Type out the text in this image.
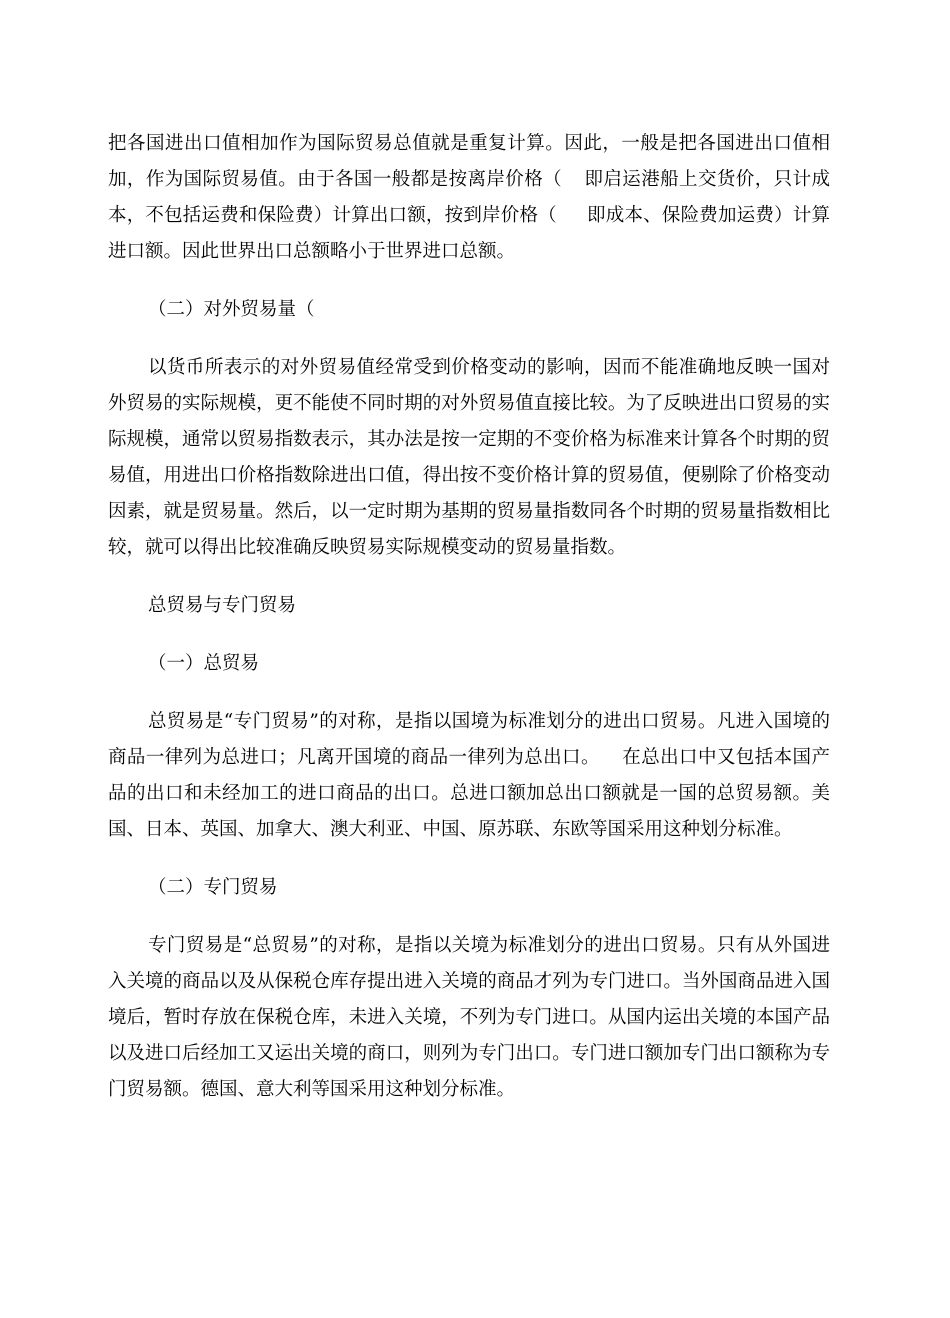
把各国进出口值相加作为国际贸易总值就是重复计算。因此，一般是把各国进出口值相加，作为国际贸易值。由于各国一般都是按离岸价格（ 即启运港船上交货价，只计成本，不包括运费和保险费）计算出口额，按到岸价格（ 即成本、保险费加运费）计算进口额。因此世界出口总额略小于世界进口总额。

（二）对外贸易量（

以货币所表示的对外贸易值经常受到价格变动的影响，因而不能准确地反映一国对外贸易的实际规模，更不能使不同时期的对外贸易值直接比较。为了反映进出口贸易的实际规模，通常以贸易指数表示，其办法是按一定期的不变价格为标准来计算各个时期的贸易值，用进出口价格指数除进出口值，得出按不变价格计算的贸易值，便剔除了价格变动因素，就是贸易量。然后，以一定时期为基期的贸易量指数同各个时期的贸易量指数相比较，就可以得出比较准确反映贸易实际规模变动的贸易量指数。

总贸易与专门贸易

（一）总贸易

总贸易是“专门贸易”的对称，是指以国境为标准划分的进出口贸易。凡进入国境的商品一律列为总进口；凡离开国境的商品一律列为总出口。 在总出口中又包括本国产品的出口和未经加工的进口商品的出口。总进口额加总出口额就是一国的总贸易额。美国、日本、英国、加拿大、澳大利亚、中国、原苏联、东欧等国采用这种划分标准。

（二）专门贸易

专门贸易是“总贸易”的对称，是指以关境为标准划分的进出口贸易。只有从外国进入关境的商品以及从保税仓库存提出进入关境的商品才列为专门进口。当外国商品进入国境后，暂时存放在保税仓库，未进入关境，不列为专门进口。从国内运出关境的本国产品以及进口后经加工又运出关境的商口，则列为专门出口。专门进口额加专门出口额称为专门贸易额。德国、意大利等国采用这种划分标准。
